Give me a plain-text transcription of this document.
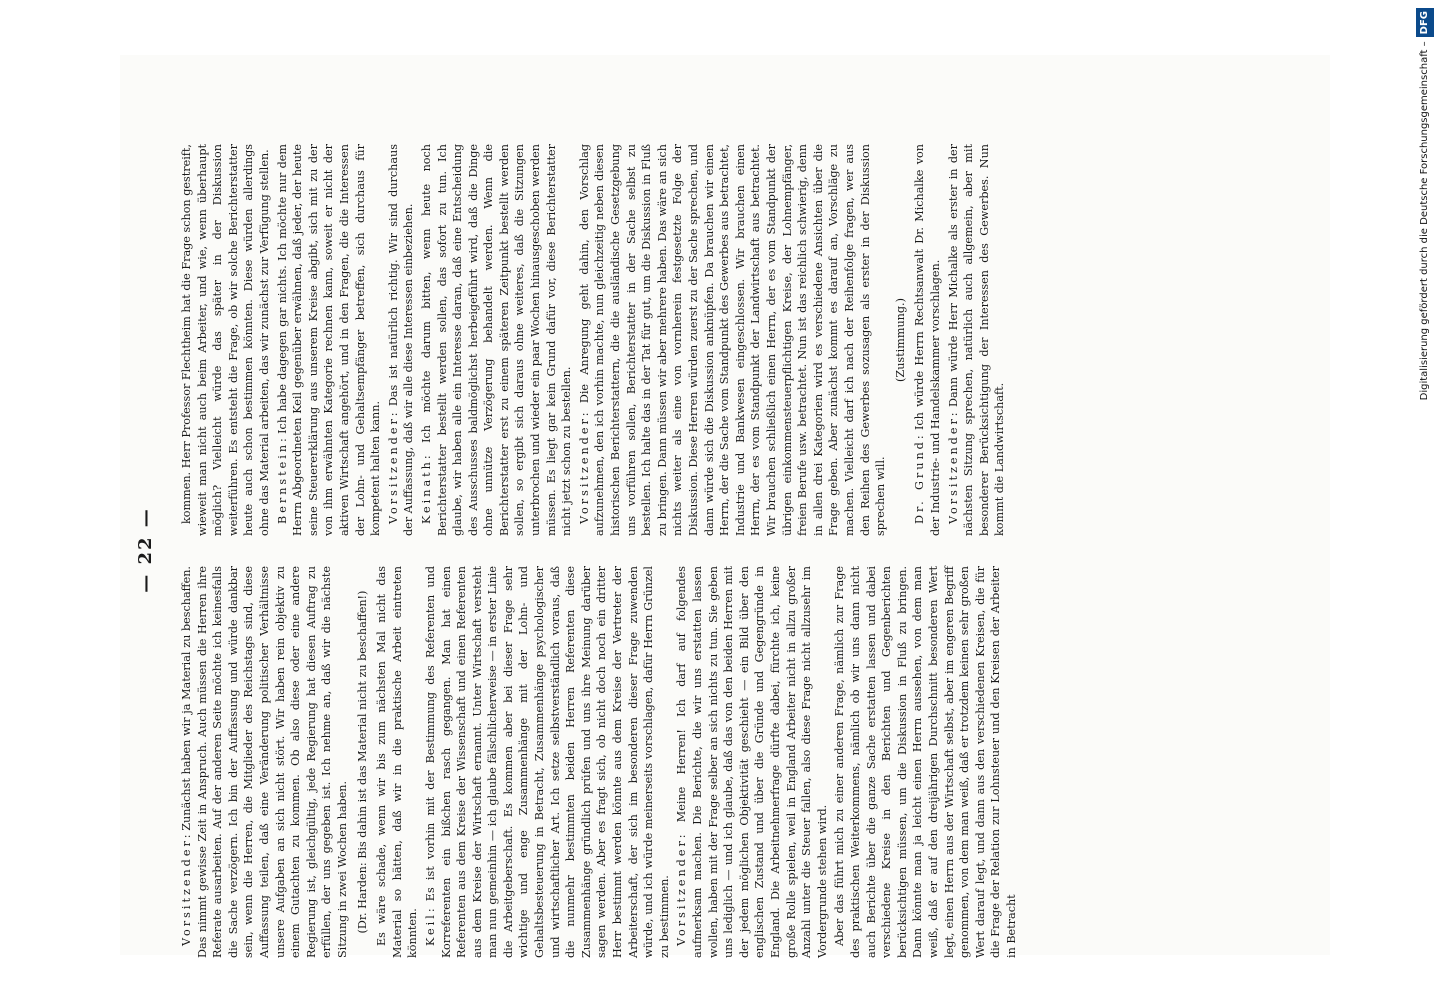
— 22 —

Vorsitzender: Zunächst haben wir ja Material zu beschaffen. Das nimmt gewisse Zeit in Anspruch. Auch müssen die Herren ihre Referate ausarbeiten. Auf der anderen Seite möchte ich keinesfalls die Sache verzögern. Ich bin der Auffassung und würde dankbar sein, wenn die Herren, die Mitglieder des Reichstags sind, diese Auffassung teilen, daß eine Veränderung politischer Verhältnisse unsere Aufgaben an sich nicht stört. Wir haben rein objektiv zu einem Gutachten zu kommen. Ob also diese oder eine andere Regierung ist, gleichgültig, jede Regierung hat diesen Auftrag zu erfüllen, der uns gegeben ist. Ich nehme an, daß wir die nächste Sitzung in zwei Wochen haben. (Dr. Harden: Bis dahin ist das Material nicht zu beschaffen!) Es wäre schade, wenn wir bis zum nächsten Mal nicht das Material so hätten, daß wir in die praktische Arbeit eintreten könnten. Keil: Es ist vorhin mit der Bestimmung des Referenten und Korreferenten ein bißchen rasch gegangen. Man hat einen Referenten aus dem Kreise der Wissenschaft und einen Referenten aus dem Kreise der Wirtschaft ernannt. Unter Wirtschaft versteht man nun gemeinhin — ich glaube fälschlicherweise — in erster Linie die Arbeitgeberschaft. Es kommen aber bei dieser Frage sehr wichtige und enge Zusammenhänge mit der Lohn- und Gehaltsbesteuerung in Betracht, Zusammenhänge psychologischer und wirtschaftlicher Art. Ich setze selbstverständlich voraus, daß die nunmehr bestimmten beiden Herren Referenten diese Zusammenhänge gründlich prüfen und uns ihre Meinung darüber sagen werden. Aber es fragt sich, ob nicht doch noch ein dritter Herr bestimmt werden könnte aus dem Kreise der Vertreter der Arbeiterschaft, der sich im besonderen dieser Frage zuwenden würde, und ich würde meinerseits vorschlagen, dafür Herrn Grünzel zu bestimmen. Vorsitzender: Meine Herren! Ich darf auf folgendes aufmerksam machen. Die Berichte, die wir uns erstatten lassen wollen, haben mit der Frage selber an sich nichts zu tun. Sie geben uns lediglich — und ich glaube, daß das von den beiden Herren mit der jedem möglichen Objektivität geschieht — ein Bild über den englischen Zustand und über die Gründe und Gegengründe in England. Die Arbeitnehmerfrage dürfte dabei, fürchte ich, keine große Rolle spielen, weil in England Arbeiter nicht in allzu großer Anzahl unter die Steuer fallen, also diese Frage nicht allzusehr im Vordergrunde stehen wird. Aber das führt mich zu einer anderen Frage, nämlich zur Frage des praktischen Weiterkommens, nämlich ob wir uns dann nicht auch Berichte über die ganze Sache erstatten lassen und dabei verschiedene Kreise in den Berichten und Gegenberichten berücksichtigen müssen, um die Diskussion in Fluß zu bringen. Dann könnte man ja leicht einen Herrn aussehen, von dem man weiß, daß er auf den dreijährigen Durchschnitt besonderen Wert legt, einen Herrn aus der Wirtschaft selbst, aber im engeren Begriff genommen, von dem man weiß, daß er trotzdem keinen sehr großen Wert darauf legt, und dann aus den verschiedenen Kreisen, die für die Frage der Relation zur Lohnsteuer und den Kreisen der Arbeiter in Betracht

kommen. Herr Professor Flechtheim hat die Frage schon gestreift, wieweit man nicht auch beim Arbeiter, und wie, wenn überhaupt möglich? Vielleicht würde das später in der Diskussion weiterführen. Es entsteht die Frage, ob wir solche Berichterstatter heute auch schon bestimmen könnten. Diese würden allerdings ohne das Material arbeiten, das wir zunächst zur Verfügung stellen. Bernstein: Ich habe dagegen gar nichts. Ich möchte nur dem Herrn Abgeordneten Keil gegenüber erwähnen, daß jeder, der heute seine Steuererklärung aus unserem Kreise abgibt, sich mit zu der von ihm erwähnten Kategorie rechnen kann, soweit er nicht der aktiven Wirtschaft angehört, und in den Fragen, die die Interessen der Lohn- und Gehaltsempfänger betreffen, sich durchaus für kompetent halten kann. Vorsitzender: Das ist natürlich richtig. Wir sind durchaus der Auffassung, daß wir alle diese Interessen einbeziehen. Keinath: Ich möchte darum bitten, wenn heute noch Berichterstatter bestellt werden sollen, das sofort zu tun. Ich glaube, wir haben alle ein Interesse daran, daß eine Entscheidung des Ausschusses baldmöglichst herbeigeführt wird, daß die Dinge ohne unnütze Verzögerung behandelt werden. Wenn die Berichterstatter erst zu einem späteren Zeitpunkt bestellt werden sollen, so ergibt sich daraus ohne weiteres, daß die Sitzungen unterbrochen und wieder ein paar Wochen hinausgeschoben werden müssen. Es liegt gar kein Grund dafür vor, diese Berichterstatter nicht jetzt schon zu bestellen. Vorsitzender: Die Anregung geht dahin, den Vorschlag aufzunehmen, den ich vorhin machte, nun gleichzeitig neben diesen historischen Berichterstattern, die die ausländische Gesetzgebung uns vorführen sollen, Berichterstatter in der Sache selbst zu bestellen. Ich halte das in der Tat für gut, um die Diskussion in Fluß zu bringen. Dann müssen wir aber mehrere haben. Das wäre an sich nichts weiter als eine von vornherein festgesetzte Folge der Diskussion. Diese Herren würden zuerst zu der Sache sprechen, und dann würde sich die Diskussion anknüpfen. Da brauchen wir einen Herrn, der die Sache vom Standpunkt des Gewerbes aus betrachtet, Industrie und Bankwesen eingeschlossen. Wir brauchen einen Herrn, der es vom Standpunkt der Landwirtschaft aus betrachtet. Wir brauchen schließlich einen Herrn, der es vom Standpunkt der übrigen einkommensteuerpflichtigen Kreise, der Lohnempfänger, freien Berufe usw. betrachtet. Nun ist das reichlich schwierig, denn in allen drei Kategorien wird es verschiedene Ansichten über die Frage geben. Aber zunächst kommt es darauf an, Vorschläge zu machen. Vielleicht darf ich nach der Reihenfolge fragen, wer aus den Reihen des Gewerbes sozusagen als erster in der Diskussion sprechen will.

(Zustimmung.)

Dr. Grund: Ich würde Herrn Rechtsanwalt Dr. Michalke von der Industrie- und Handelskammer vorschlagen. Vorsitzender: Dann würde Herr Michalke als erster in der nächsten Sitzung sprechen, natürlich auch allgemein, aber mit besonderer Berücksichtigung der Interessen des Gewerbes. Nun kommt die Landwirtschaft.

Digitalisierung gefördert durch die Deutsche Forschungsgemeinschaft –DFG
